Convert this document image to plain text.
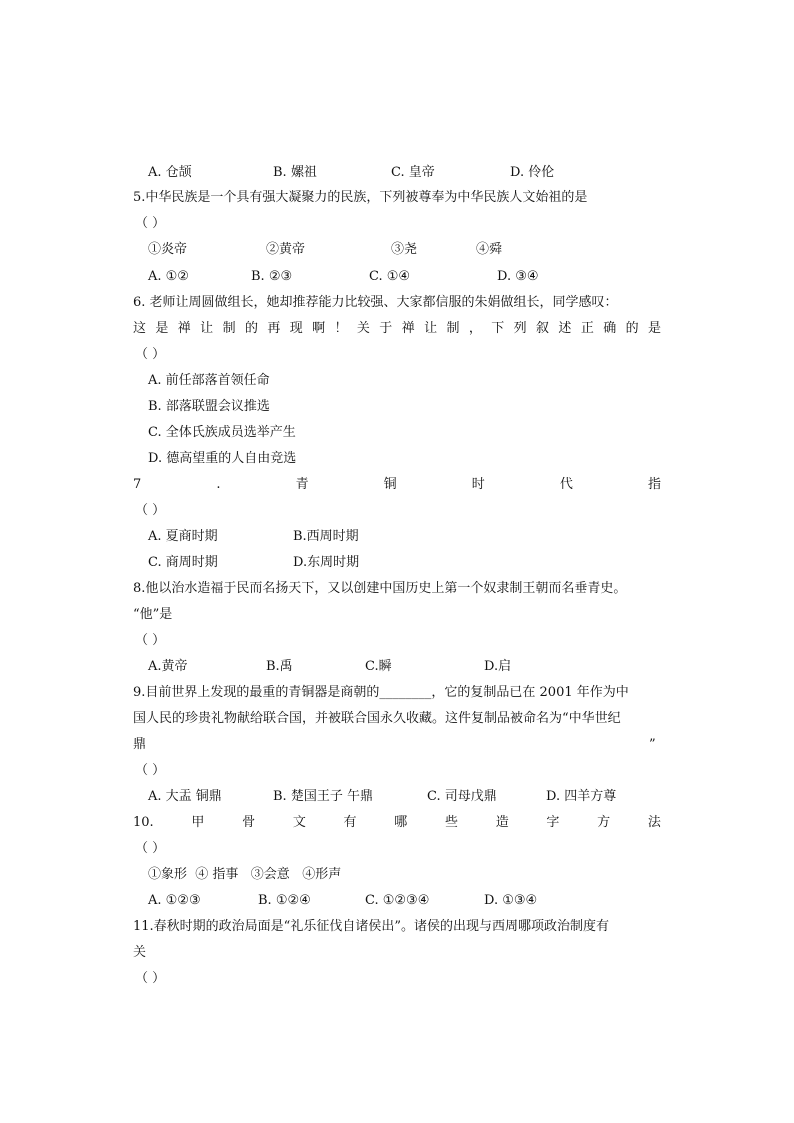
A. 仓颉	B. 嫘祖	C. 皇帝	D. 伶伦
5.中华民族是一个具有强大凝聚力的民族，下列被尊奉为中华民族人文始祖的是
（ ）
①炎帝	②黄帝	③尧	④舜
A. ①②	B. ②③	C. ①④	D. ③④
6. 老师让周圆做组长，她却推荐能力比较强、大家都信服的朱娟做组长，同学感叹：
这 是 禅 让 制 的 再 现 啊 ！ 关 于 禅 让 制 ， 下 列 叙 述 正 确 的 是
（ ）
A. 前任部落首领任命
B. 部落联盟会议推选
C. 全体氏族成员选举产生
D. 德高望重的人自由竞选
7	.	青	铜	时	代	指
（ ）
A. 夏商时期	B.西周时期
C. 商周时期	D.东周时期
8.他以治水造福于民而名扬天下，又以创建中国历史上第一个奴隶制王朝而名垂青史。
“他”是
（ ）
A.黄帝	B.禹	C.瞬	D.启
9.目前世界上发现的最重的青铜器是商朝的________，它的复制品已在 2001 年作为中
国人民的珍贵礼物献给联合国，并被联合国永久收藏。这件复制品被命名为“中华世纪
鼎	”
（ ）
A. 大盂 铜鼎	B. 楚国王子 午鼎	C. 司母戊鼎	D. 四羊方尊
10.	甲	骨	文	有	哪	些	造	字	方	法
（ ）
①象形  ④ 指事   ③会意   ④形声
A. ①②③	B. ①②④	C. ①②③④	D. ①③④
11.春秋时期的政治局面是“礼乐征伐自诸侯出”。诸侯的出现与西周哪项政治制度有
关
（ ）
